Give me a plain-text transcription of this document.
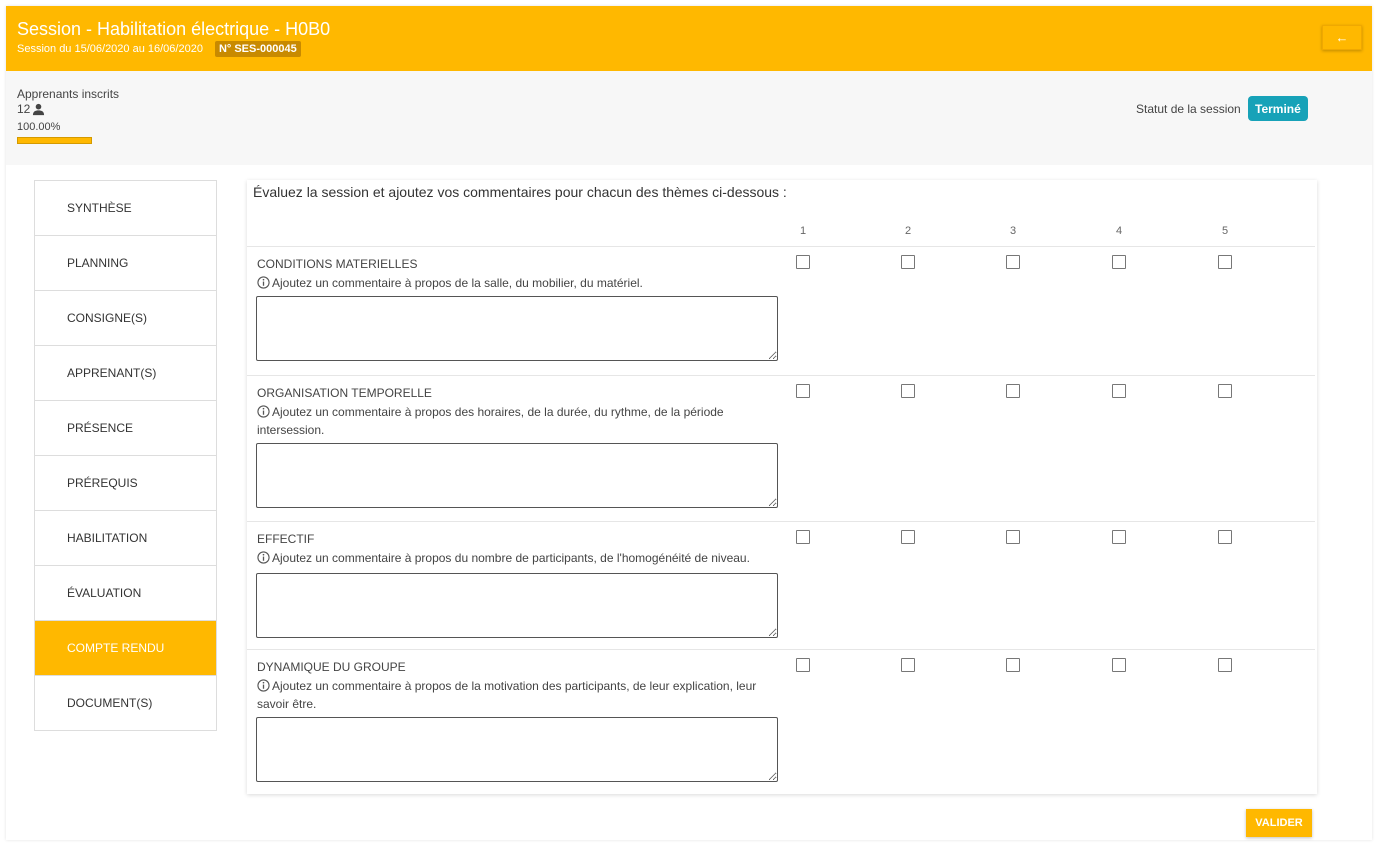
Session - Habilitation électrique - H0B0
Session du 15/06/2020 au 16/06/2020	N° SES-000045
←
Apprenants inscrits
12
100.00%
Statut de la session	Terminé
SYNTHÈSE
PLANNING
CONSIGNE(S)
APPRENANT(S)
PRÉSENCE
PRÉREQUIS
HABILITATION
ÉVALUATION
COMPTE RENDU
DOCUMENT(S)
Évaluez la session et ajoutez vos commentaires pour chacun des thèmes ci-dessous :
1	2	3	4	5
CONDITIONS MATERIELLES
Ajoutez un commentaire à propos de la salle, du mobilier, du matériel.
ORGANISATION TEMPORELLE
Ajoutez un commentaire à propos des horaires, de la durée, du rythme, de la période intersession.
EFFECTIF
Ajoutez un commentaire à propos du nombre de participants, de l'homogénéité de niveau.
DYNAMIQUE DU GROUPE
Ajoutez un commentaire à propos de la motivation des participants, de leur explication, leur savoir être.
VALIDER
